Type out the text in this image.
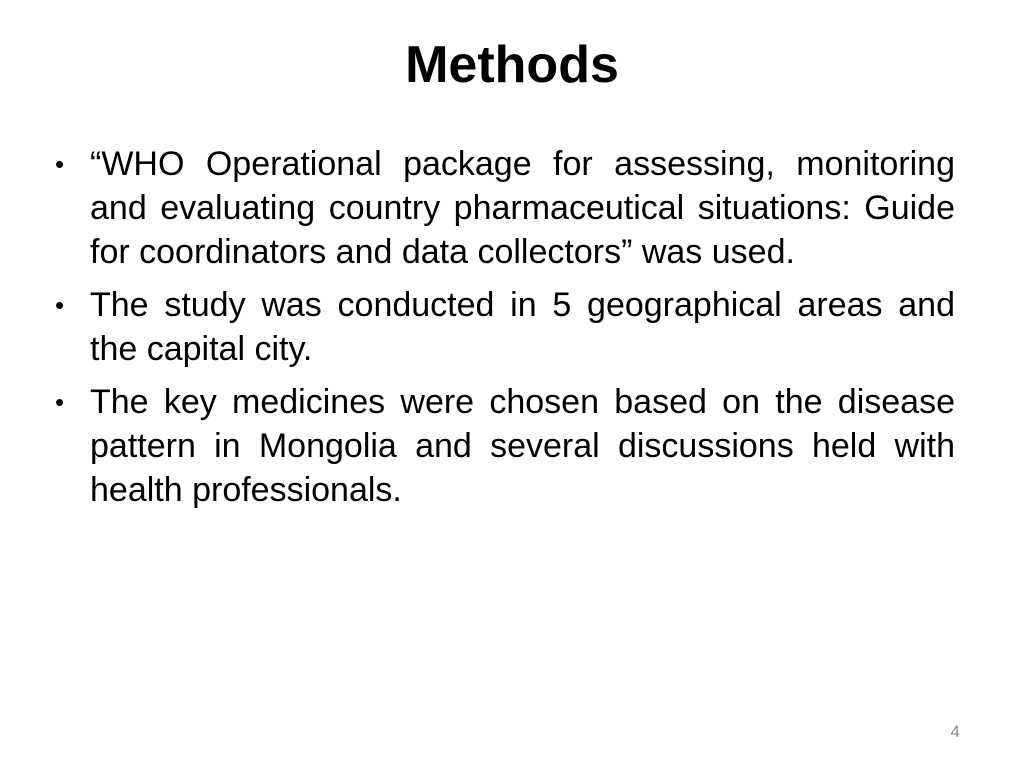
Methods
• “WHO Operational package for assessing, monitoring and evaluating country pharmaceutical situations: Guide for coordinators and data collectors” was used.
• The study was conducted in 5 geographical areas and the capital city.
• The key medicines were chosen based on the disease pattern in Mongolia and several discussions held with health professionals.
4
